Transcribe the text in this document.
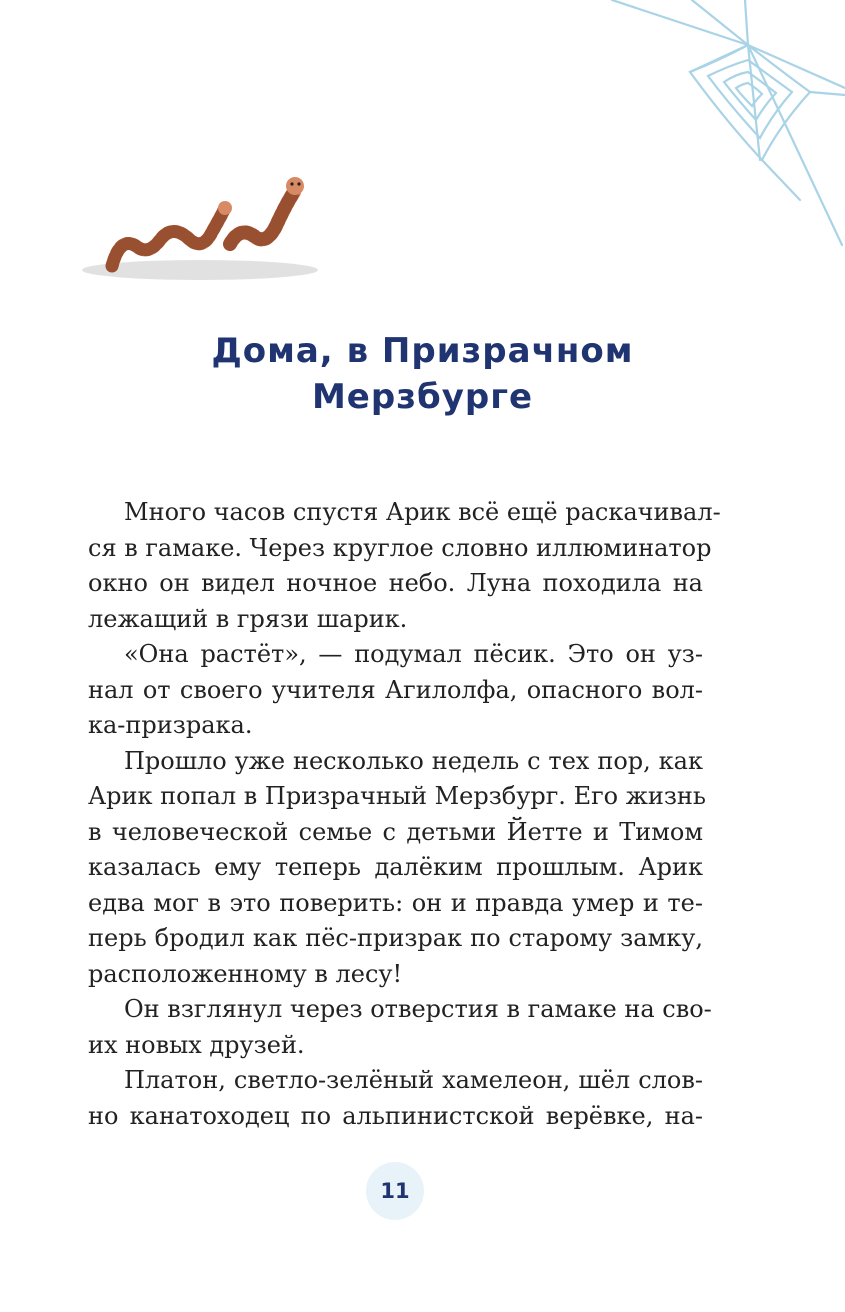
Дома, в Призрачном
Мерзбурге
Много часов спустя Арик всё ещё раскачивал-
ся в гамаке. Через круглое словно иллюминатор
окно он видел ночное небо. Луна походила на
лежащий в грязи шарик.
«Она растёт», — подумал пёсик. Это он уз-
нал от своего учителя Агилолфа, опасного вол-
ка-призрака.
Прошло уже несколько недель с тех пор, как
Арик попал в Призрачный Мерзбург. Его жизнь
в человеческой семье с детьми Йетте и Тимом
казалась ему теперь далёким прошлым. Арик
едва мог в это поверить: он и правда умер и те-
перь бродил как пёс-призрак по старому замку,
расположенному в лесу!
Он взглянул через отверстия в гамаке на сво-
их новых друзей.
Платон, светло-зелёный хамелеон, шёл слов-
но канатоходец по альпинистской верёвке, на-
11
